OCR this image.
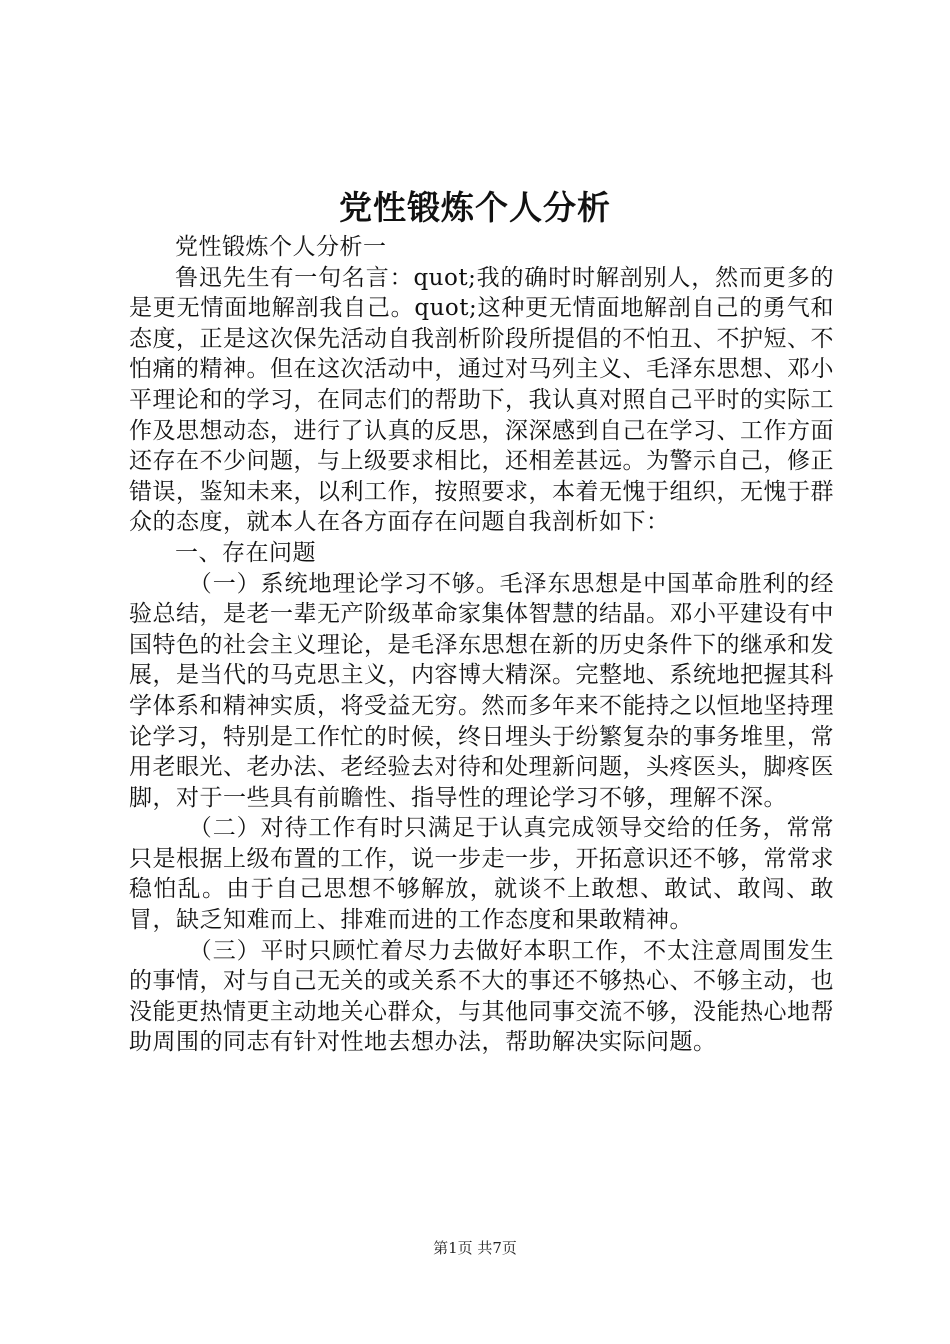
党性锻炼个人分析

党性锻炼个人分析一

鲁迅先生有一句名言：quot;我的确时时解剖别人，然而更多的是更无情面地解剖我自己。quot;这种更无情面地解剖自己的勇气和态度，正是这次保先活动自我剖析阶段所提倡的不怕丑、不护短、不怕痛的精神。但在这次活动中，通过对马列主义、毛泽东思想、邓小平理论和的学习，在同志们的帮助下，我认真对照自己平时的实际工作及思想动态，进行了认真的反思，深深感到自己在学习、工作方面还存在不少问题，与上级要求相比，还相差甚远。为警示自己，修正错误，鉴知未来，以利工作，按照要求，本着无愧于组织，无愧于群众的态度，就本人在各方面存在问题自我剖析如下：

一、存在问题

（一）系统地理论学习不够。毛泽东思想是中国革命胜利的经验总结，是老一辈无产阶级革命家集体智慧的结晶。邓小平建设有中国特色的社会主义理论，是毛泽东思想在新的历史条件下的继承和发展，是当代的马克思主义，内容博大精深。完整地、系统地把握其科学体系和精神实质，将受益无穷。然而多年来不能持之以恒地坚持理论学习，特别是工作忙的时候，终日埋头于纷繁复杂的事务堆里，常用老眼光、老办法、老经验去对待和处理新问题，头疼医头，脚疼医脚，对于一些具有前瞻性、指导性的理论学习不够，理解不深。

（二）对待工作有时只满足于认真完成领导交给的任务，常常只是根据上级布置的工作，说一步走一步，开拓意识还不够，常常求稳怕乱。由于自己思想不够解放，就谈不上敢想、敢试、敢闯、敢冒，缺乏知难而上、排难而进的工作态度和果敢精神。

（三）平时只顾忙着尽力去做好本职工作，不太注意周围发生的事情，对与自己无关的或关系不大的事还不够热心、不够主动，也没能更热情更主动地关心群众，与其他同事交流不够，没能热心地帮助周围的同志有针对性地去想办法，帮助解决实际问题。

第1页 共7页
